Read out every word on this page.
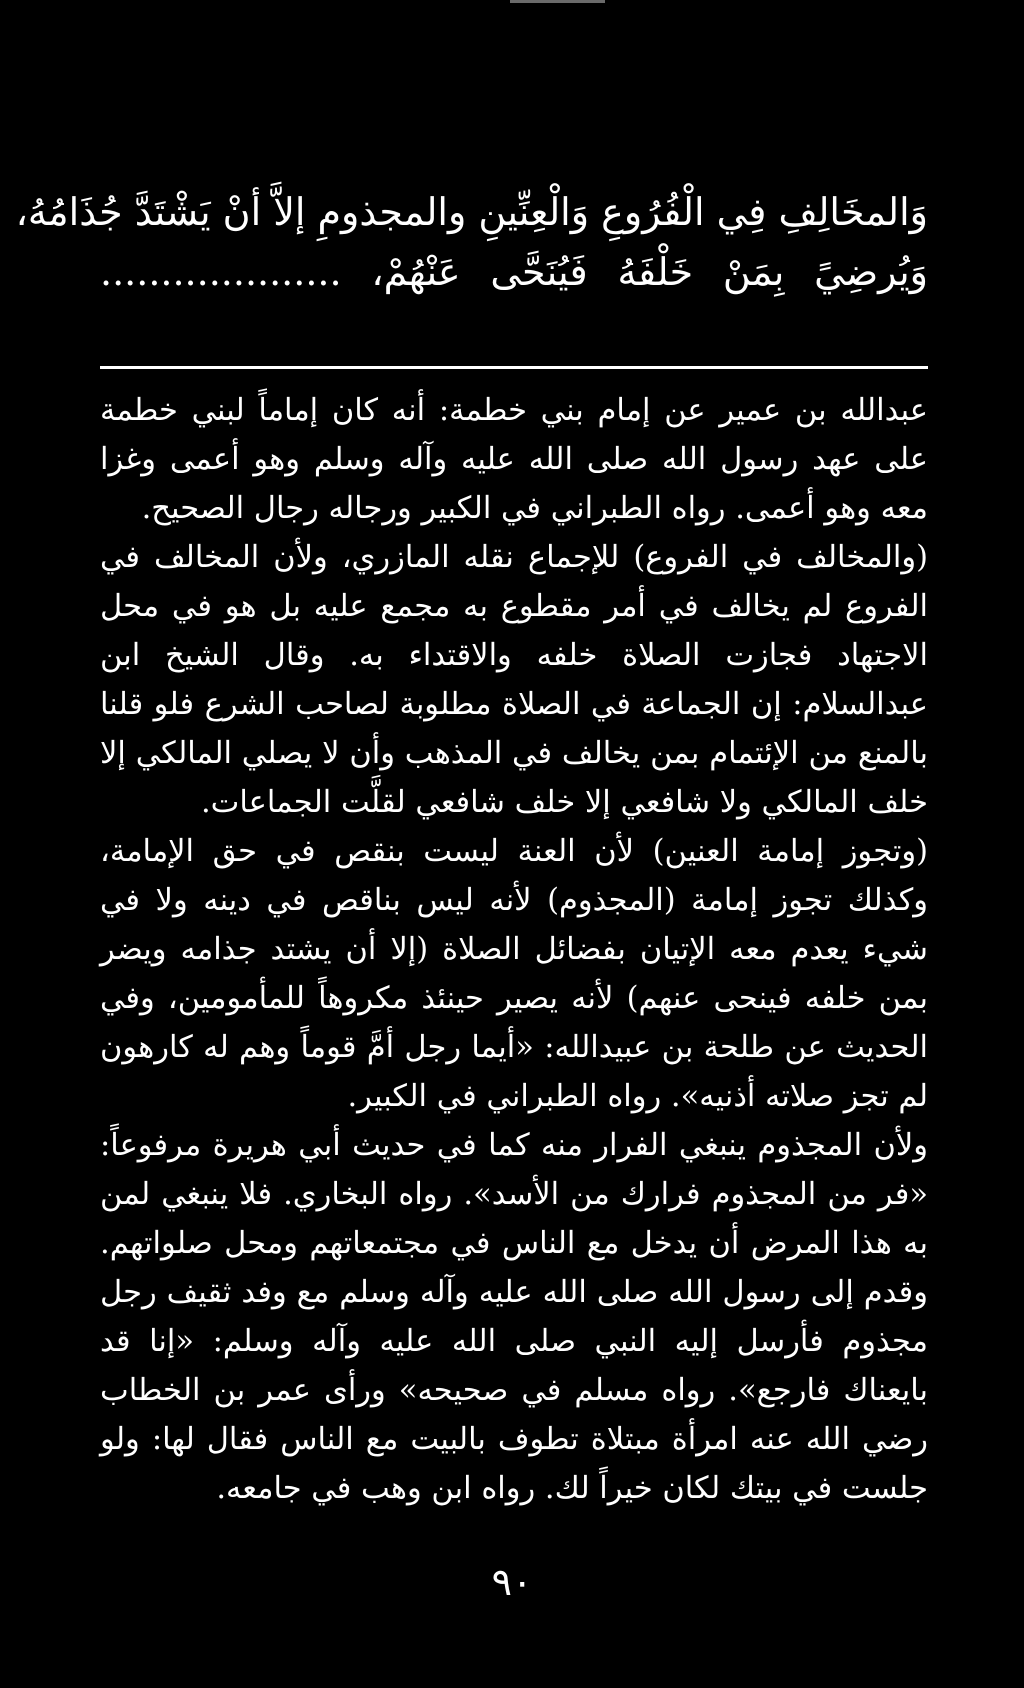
وَالمخَالِفِ فِي الْفُرُوعِ وَالْعِنِّينِ والمجذومِ إلاَّ أنْ يَشْتَدَّ جُذَامُهُ،
وَيُرضِيً بِمَنْ خَلْفَهُ فَيُنَحَّى عَنْهُمْ، ....................

عبدالله بن عمير عن إمام بني خطمة: أنه كان إماماً لبني خطمة على عهد رسول الله صلى الله عليه وآله وسلم وهو أعمى وغزا معه وهو أعمى. رواه الطبراني في الكبير ورجاله رجال الصحيح.

(والمخالف في الفروع) للإجماع نقله المازري، ولأن المخالف في الفروع لم يخالف في أمر مقطوع به مجمع عليه بل هو في محل الاجتهاد فجازت الصلاة خلفه والاقتداء به. وقال الشيخ ابن عبدالسلام: إن الجماعة في الصلاة مطلوبة لصاحب الشرع فلو قلنا بالمنع من الإئتمام بمن يخالف في المذهب وأن لا يصلي المالكي إلا خلف المالكي ولا شافعي إلا خلف شافعي لقلَّت الجماعات.

(وتجوز إمامة العنين) لأن العنة ليست بنقص في حق الإمامة، وكذلك تجوز إمامة (المجذوم) لأنه ليس بناقص في دينه ولا في شيء يعدم معه الإتيان بفضائل الصلاة (إلا أن يشتد جذامه ويضر بمن خلفه فينحى عنهم) لأنه يصير حينئذ مكروهاً للمأمومين، وفي الحديث عن طلحة بن عبيدالله: «أيما رجل أمَّ قوماً وهم له كارهون لم تجز صلاته أذنيه». رواه الطبراني في الكبير.

ولأن المجذوم ينبغي الفرار منه كما في حديث أبي هريرة مرفوعاً: «فر من المجذوم فرارك من الأسد». رواه البخاري. فلا ينبغي لمن به هذا المرض أن يدخل مع الناس في مجتمعاتهم ومحل صلواتهم. وقدم إلى رسول الله صلى الله عليه وآله وسلم مع وفد ثقيف رجل مجذوم فأرسل إليه النبي صلى الله عليه وآله وسلم: «إنا قد بايعناك فارجع». رواه مسلم في صحيحه» ورأى عمر بن الخطاب رضي الله عنه امرأة مبتلاة تطوف بالبيت مع الناس فقال لها: ولو جلست في بيتك لكان خيراً لك. رواه ابن وهب في جامعه.

٩٠
